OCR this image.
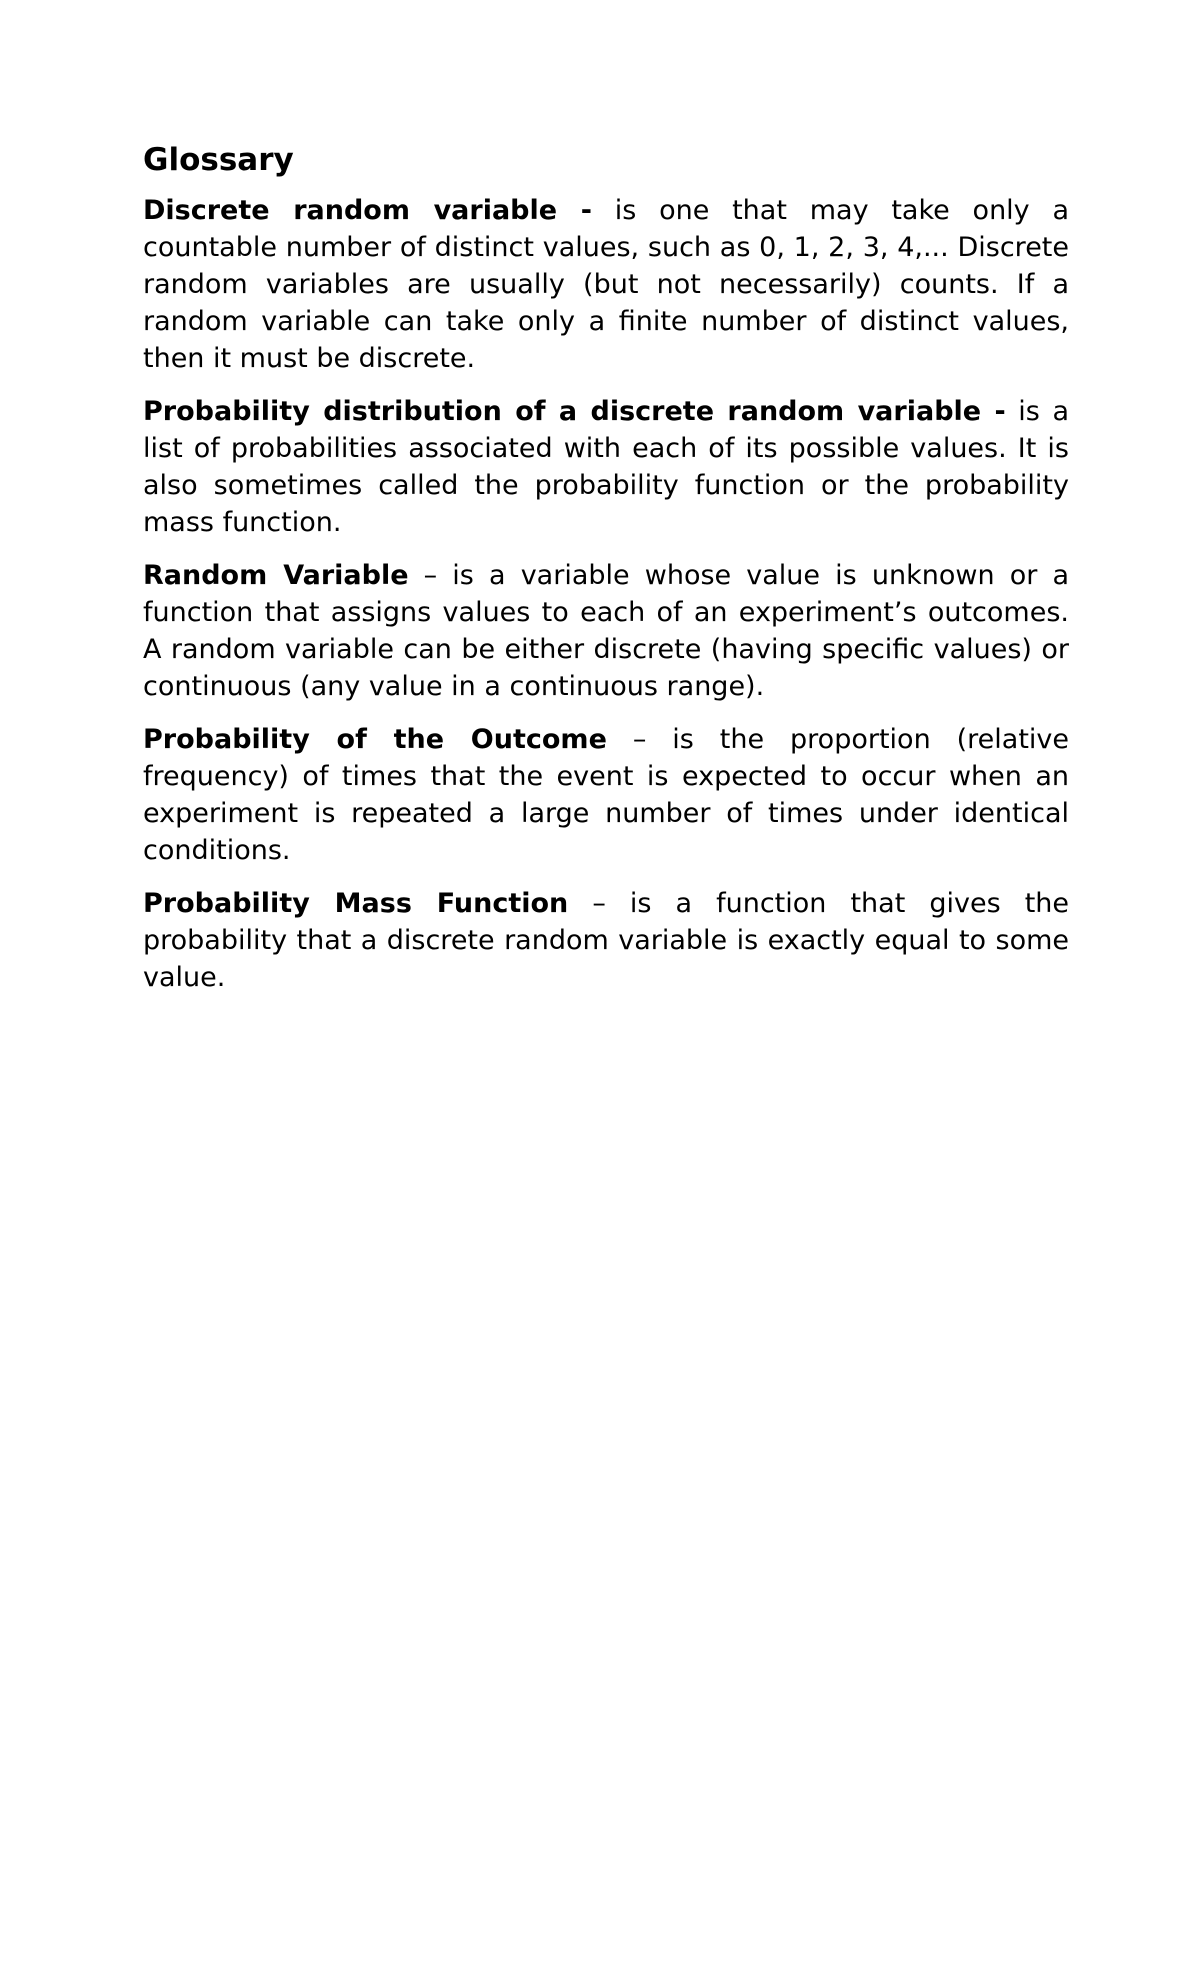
Glossary

Discrete random variable - is one that may take only a countable number of distinct values, such as 0, 1, 2, 3, 4,... Discrete random variables are usually (but not necessarily) counts. If a random variable can take only a finite number of distinct values, then it must be discrete.

Probability distribution of a discrete random variable - is a list of probabilities associated with each of its possible values. It is also sometimes called the probability function or the probability mass function.

Random Variable – is a variable whose value is unknown or a function that assigns values to each of an experiment’s outcomes. A random variable can be either discrete (having specific values) or continuous (any value in a continuous range).

Probability of the Outcome – is the proportion (relative frequency) of times that the event is expected to occur when an experiment is repeated a large number of times under identical conditions.

Probability Mass Function – is a function that gives the probability that a discrete random variable is exactly equal to some value.
